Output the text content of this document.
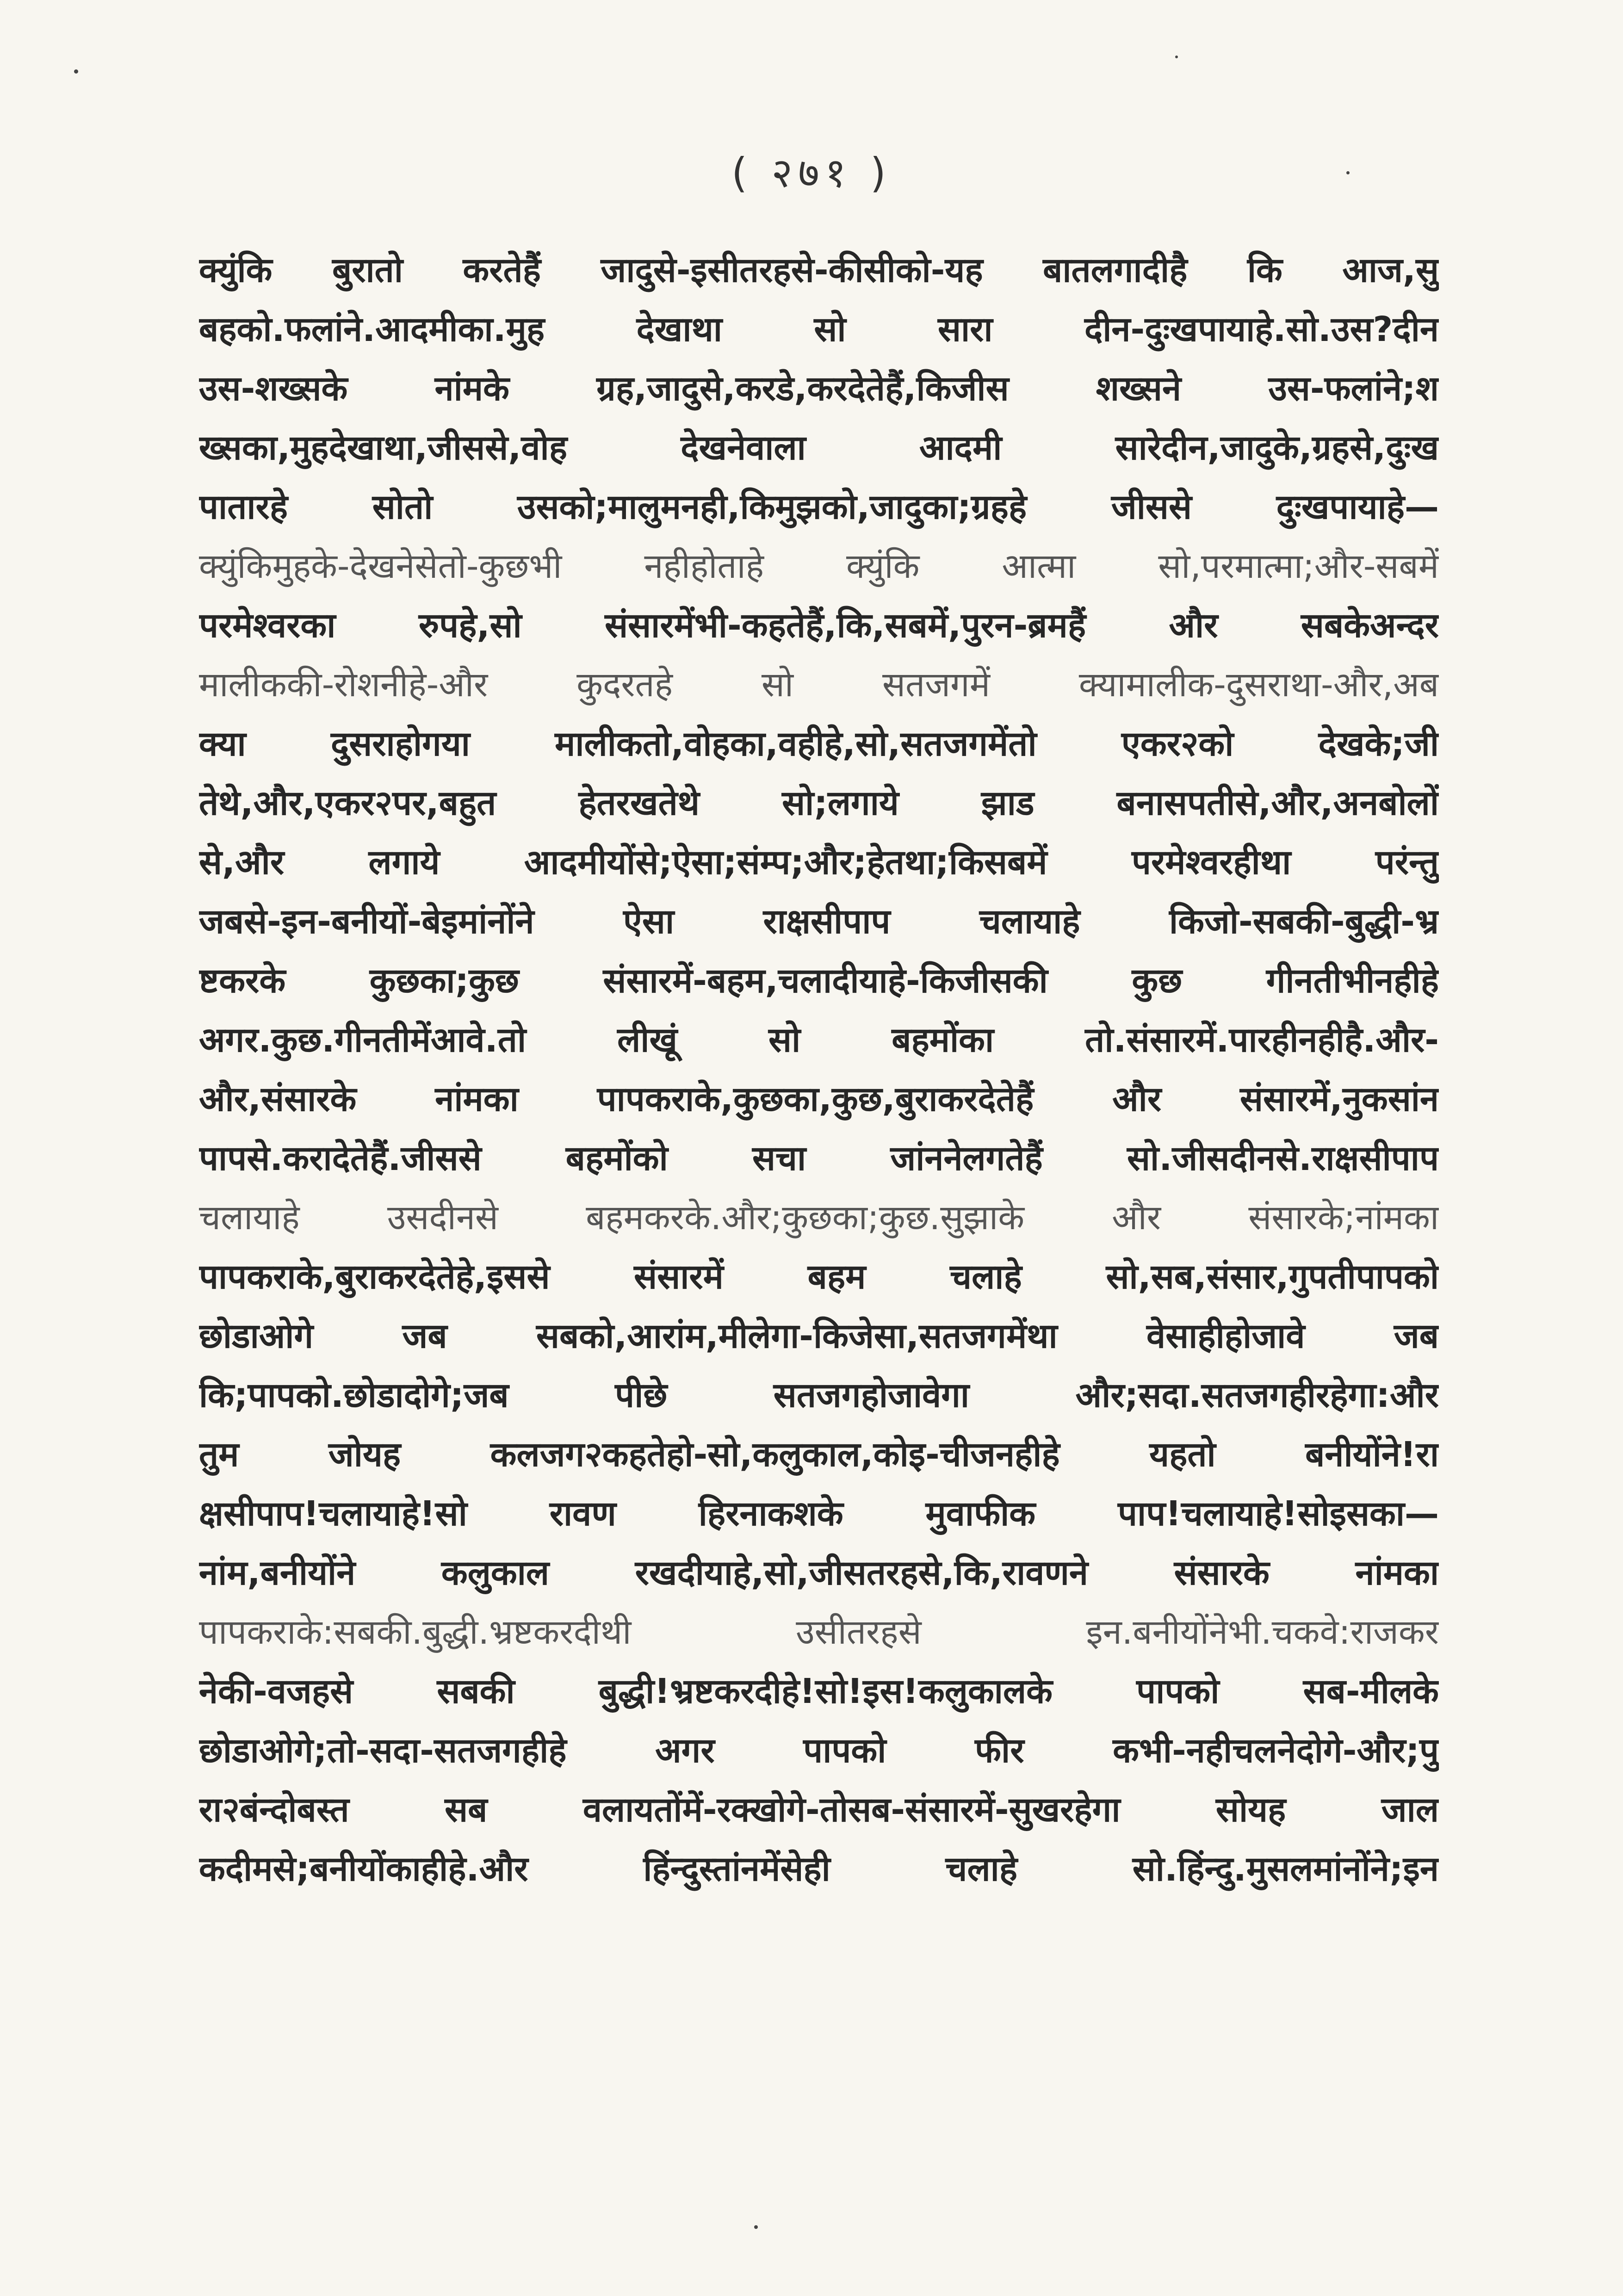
( २७१ )
क्युंकि बुरातो करतेहैं जादुसे-इसीतरहसे-कीसीको-यह बातलगादीहै कि आज,सु
बहको.फलांने.आदमीका.मुह देखाथा सो सारा दीन-दुःखपायाहे.सो.उस?दीन
उस-शख्सके नांमके ग्रह,जादुसे,करडे,करदेतेहैं,किजीस शख्सने उस-फलांने;श
ख्सका,मुहदेखाथा,जीससे,वोह देखनेवाला आदमी सारेदीन,जादुके,ग्रहसे,दुःख
पातारहे सोतो उसको;मालुमनही,किमुझको,जादुका;ग्रहहे जीससे दुःखपायाहे—
क्युंकिमुहके-देखनेसेतो-कुछभी नहीहोताहे क्युंकि आत्मा सो,परमात्मा;और-सबमें
परमेश्वरका रुपहे,सो संसारमेंभी-कहतेहैं,कि,सबमें,पुरन-ब्रमहैं और सबकेअन्दर
मालीककी-रोशनीहे-और कुदरतहे सो सतजगमें क्यामालीक-दुसराथा-और,अब
क्या दुसराहोगया मालीकतो,वोहका,वहीहे,सो,सतजगमेंतो एकर२को देखके;जी
तेथे,और,एकर२पर,बहुत हेतरखतेथे सो;लगाये झाड बनासपतीसे,और,अनबोलों
से,और लगाये आदमीयोंसे;ऐसा;संम्प;और;हेतथा;किसबमें परमेश्वरहीथा परंन्तु
जबसे-इन-बनीयों-बेइमांनोंने ऐसा राक्षसीपाप चलायाहे किजो-सबकी-बुद्धी-भ्र
ष्टकरके कुछका;कुछ संसारमें-बहम,चलादीयाहे-किजीसकी कुछ गीनतीभीनहीहे
अगर.कुछ.गीनतीमेंआवे.तो लीखूं सो बहमोंका तो.संसारमें.पारहीनहीहै.और-
और,संसारके नांमका पापकराके,कुछका,कुछ,बुराकरदेतेहैं और संसारमें,नुकसांन
पापसे.करादेतेहैं.जीससे बहमोंको सचा जांननेलगतेहैं सो.जीसदीनसे.राक्षसीपाप
चलायाहे उसदीनसे बहमकरके.और;कुछका;कुछ.सुझाके और संसारके;नांमका
पापकराके,बुराकरदेतेहे,इससे संसारमें बहम चलाहे सो,सब,संसार,गुपतीपापको
छोडाओगे जब सबको,आरांम,मीलेगा-किजेसा,सतजगमेंथा वेसाहीहोजावे जब
कि;पापको.छोडादोगे;जब पीछे सतजगहोजावेगा और;सदा.सतजगहीरहेगा:और
तुम जोयह कलजग२कहतेहो-सो,कलुकाल,कोइ-चीजनहीहे यहतो बनीयोंने!रा
क्षसीपाप!चलायाहे!सो रावण हिरनाकशके मुवाफीक पाप!चलायाहे!सोइसका—
नांम,बनीयोंने कलुकाल रखदीयाहे,सो,जीसतरहसे,कि,रावणने संसारके नांमका
पापकराके:सबकी.बुद्धी.भ्रष्टकरदीथी उसीतरहसे इन.बनीयोंनेभी.चकवे:राजकर
नेकी-वजहसे सबकी बुद्धी!भ्रष्टकरदीहे!सो!इस!कलुकालके पापको सब-मीलके
छोडाओगे;तो-सदा-सतजगहीहे अगर पापको फीर कभी-नहीचलनेदोगे-और;पु
रा२बंन्दोबस्त सब वलायतोंमें-रक्खोगे-तोसब-संसारमें-सुखरहेगा सोयह जाल
कदीमसे;बनीयोंकाहीहे.और हिंन्दुस्तांनमेंसेही चलाहे सो.हिंन्दु.मुसलमांनोंने;इन
